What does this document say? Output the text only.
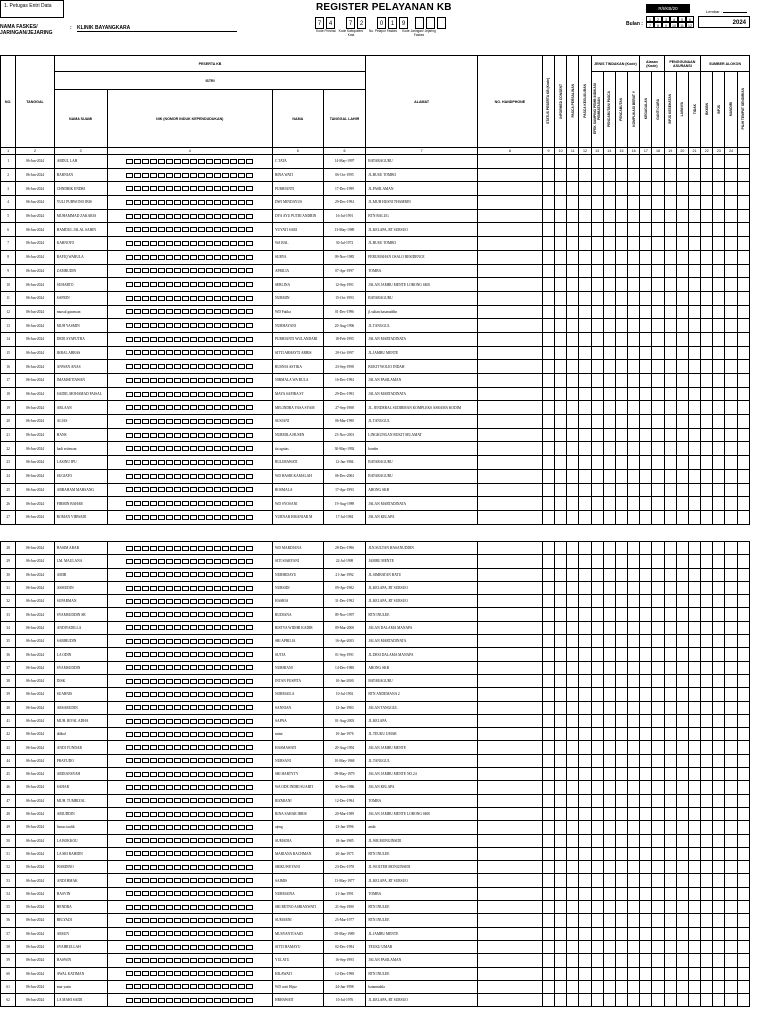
1. Petugas Entri Data	REGISTER PELAYANAN KB	R/I/KB/20
Lembar :
NAMA FASKES/ JARINGAN/JEJARING
: KLINIK BAYANGKARA
7	4	7	2	0	1	9
Kode Provinsi Kode Kabupaten/ Kota
No. Pelapor Faskes	Kode Jaringan/ Jejaring Faskes
Bulan :
1	2	3	4	5	6
7	8	9	10	11	12	2024
NO.	TANGGAL	PESERTA KB				ALAMAT	NO. HANDPHONE	STATUS PESERTA KB (Kode)	INFORMED CONSENT	PASCA PERSALINAN	PASCA KEGUGURAN	JENIS TINDAKAN (Kode)				Alasan (Kode)		PENGGUNAAN ASURANSI			SUMBER ALOKON			
		ISTRI										EFEK SAMPING PEMB INDIKASI PEMBATASAN	PENCABUTAN/ PASCA	PENCABUTAN	KOMPLIKASI BERAT Y	KEGAGALAN	GANTI CARA	BPJS KESEHATAN	LAINNYA	TIDAK	BKKBN	BPJS	MANDIRI	PILIH TEMPAT SENDIRIAN
		NAMA SUAMI	NIK (NOMOR INDUK KEPENDUDUKAN)	NAMA	TANGGAL LAHIR																			
1	2	3	4	5	6	7	8	9	10	11	12	13	14	15	16	17	18	19	20	21	22	23	24	
1	06-Jun-2024	ABDUL LAH		C TATA	14-May-1997	BATARAGURU																		
2	06-Jun-2024	BARNIAN		RINA WATI	06-Oct-1995	JL.BUSU TOMBO																		
3	06-Jun-2024	CHNDRIK ENDRI		PURHIANTI	17-Dec-1999	JL.PASILAMAN																		
4	06-Jun-2024	YULI PURWONO IBIS		DWI MINDAYUS	29-Dec-1994	JL.MUH HUSNI THAMRIN																		
5	06-Jun-2024	MUHAMMAD ZAKARIA		DYA AYU PUTRI ANDRIN	16-Jul-1991	BTN BALUG																		
6	06-Jun-2024	HAMDUL JALAL SAHIN		YUYATI SARI	13-May-1989	JL.KELAPA, RT SURSUO																		
7	06-Jun-2024	KARNOTO		WA BAL	30-Jul-1972	JL.BUSU TOMBO																		
8	06-Jun-2024	RAFIQ WARULA		SURYA	09-Nov-1985	PERUMAHAN OSALO RESIDENCE																		
9	06-Jun-2024	ZAMRUDIN		APRILIA	07-Apr-1997	TOMBA																		
10	06-Jun-2024	SUHARTO		SERLINA	12-Sep-1991	JALAN JAMBU MENTE LORONG SKB																		
11	06-Jun-2024	SAFRIN		NURMIN	15-Oct-1993	BATARAGURU																		
12	06-Jun-2024	mursal gunawan		WD Fatika	01-Dec-1996	jl.sultan hasanuddin																		
13	06-Jun-2024	MUH YASMIN		NURHAYANI	20-Aug-1996	JL.TANGGUL																		
14	06-Jun-2024	DEDI SYAPUTRA		PURHIANTI WULANDARI	18-Feb-1995	JALAN MARTADINATA																		
15	06-Jun-2024	IKBAL ABBAS		SITTI ARHAYTI ABBIS	29-Oct-1997	JL.JAMBU MENTE																		
16	06-Jun-2024	ANWAN ANAS		RUSNIA ASTIKA	23-Sep-1998	BUKIT WOLIO INDAH																		
17	06-Jun-2024	IMAMSETIAWAN		NIRMALA WA RULA	16-Dec-1994	JALAN PASILAMAN																		
18	06-Jun-2024	SAIDIL MOHAMAD FAISAL		MAYA SAFIRA ST	29-Dec-1993	JALAN MARTADINATA																		
19	06-Jun-2024	ARLAAN		MELINDRA YASA SYAM	27-Sep-1988	JL. JENDERAL SUDIRMAN KOMPLEKS ASRAMA KODIM																		
20	06-Jun-2024	ALIAS		SUSIANI	06-Mar-1990	JL.TANGGUL																		
21	06-Jun-2024	HANS		NURMILA HUSEN	23-Nov-2001	LINGKUNGAN BUKIT SELAMAT																		
22	06-Jun-2024	hadi setiawan		tia agnias	30-May-1992	bombe																		
23	06-Jun-2024	LASINU IPU		RULIMAWATI	12-Jan-1984	BATARAGURU																		
24	06-Jun-2024	SUGIATO		WD HASIR KAMALAH	06-Dec-2004	BATARAGURU																		
25	06-Jun-2024	ABBAHAM MARSANG		ROSMALA	17-Apr-1993	ABONG SKB																		
26	06-Jun-2024	FIRMIN BAHAR		WD SYOSANI	19-Aug-1989	JALAN MARTADINATA																		
27	06-Jun-2024	ROMAN VIRWADI		YURNAR HISANIAR M	17-Jul-1984	JALAN KELAPA																		
28	06-Jun-2024	HASIM ABAR		WD MARDIANA	28-Dec-1996	JLN.SULTAN HASANUDDIN																		
29	06-Jun-2024	LM. MAULANA		SITI SIARYANI	22-Jul-1998	JAMBU MENTE																		
30	06-Jun-2024	AMIR		NURHIDAYU	21-Jun-1992	JL.SIMBATAN BATU																		
31	06-Jun-2024	ASMUDIN		NURSIDI	09-Apr-1982	JL.KELAPA, RT SURSUO																		
32	06-Jun-2024	SUPARMAN		HASRIA	31-Dec-1992	JL.KELAPA, RT SURSUO																		
33	06-Jun-2024	SYAMSUDDIN SR		RUDIANA	09-Nov-1997	BTN INULEE																		
34	06-Jun-2024	ANDIYADILLA		RISTYA WIDIHI KADIR	09-Mar-2000	JALAN DALAMA MANAPA																		
35	06-Jun-2024	SABIRUDIN		SRI APRILIA	16-Apr-2003	JALAN MARTADINATA																		
36	06-Jun-2024	LA ODIN		SUTIA	01-Sep-1991	JL.DESI DALAMA MANAPA																		
37	06-Jun-2024	SYAMSUDDIN		NURHIANI	14-Dec-1988	ABONG SKB																		
38	06-Jun-2024	DISK		INTAN PUSPITA	10-Jan-2000	BATARAGURU																		
39	06-Jun-2024	SUARNIS		NORMAILA	10-Jul-1992	BTN ANDEMANA 2																		
40	06-Jun-2024	ARSARUDIN		SANNIAN	12-Jan-1983	JALAN TANGGUL																		
41	06-Jun-2024	MUH. RIVAL ADHA		SAPNA	01-Aug-2003	JL.KELAPA																		
42	06-Jun-2024	ikbhal		mimi	10-Jan-1976	JL.TEUKU UMAR																		
43	06-Jun-2024	ANDI YUNDAR		HASMAWATI	20-Aug-1994	JALAN JAMBU MENTE																		
44	06-Jun-2024	PRAYUDO		NURSANI	10-May-1968	JL.TANGGUL																		
45	06-Jun-2024	ARDIANSYAH		SRI HARTYTY	09-May-1979	JALAN JAMBU MENTE NO.24																		
46	06-Jun-2024	SAHAR		WA ODE INDRI SUARTI	30-Nov-1986	JALAN KELAPA																		
47	06-Jun-2024	MUH. TUMRIZAL		RIZMIANI	12-Dec-1994	TOMBA																		
48	06-Jun-2024	ARIUDDIN		RINA SAHAR IRRIS	20-Mar-1989	JALAN JAMBU MENTE LORONG SKB																		
49	06-Jun-2024	lisnao taufik		ajeng	23-Jan-1996	ambi																		
50	06-Jun-2024	LA BOKKOU		SUMADIA	18-Jan-1985	JL.WR.MONGINSIDI																		
51	06-Jun-2024	LA SRI RAHIDN		MARIANA RACHMAN	20-Jan-1975	BTN INULEE																		
52	06-Jun-2024	WARDINO		SRIKUWEYANI	23-Dec-1978	JL.WOLTER MONGINSIDI																		
53	06-Jun-2024	ANDI HMAK		SAIMIS	13-May-1977	JL.KELAPA, RT SURSUO																		
54	06-Jun-2024	HASVIN		NURMAINA	21-Jan-1991	TOMBA																		
55	06-Jun-2024	HENDRA		SRI RETNO ASRIANWATI	21-Sep-1980	BTN INULEE																		
56	06-Jun-2024	BELYADI		SUMARNI	23-Mar-1977	BTN INULEE																		
57	06-Jun-2024	ARSUN		MUSYANTI SAID	05-May-1989	JL.JAMBU MENTE																		
58	06-Jun-2024	SYAHRULLAH		SITTI HAMAYU	02-Dec-1994	TEUKU UMAR																		
59	06-Jun-2024	HASWIN		YULATU	16-Sep-1993	JALAN PASILAMAN																		
60	06-Jun-2024	AWAL KATIMAN		HILAWATI	12-Dec-1998	BTN INULEE																		
61	06-Jun-2024	mur yasin		WD wati Hijue	24-Jun-1998	batanmahla																		
62	06-Jun-2024	LA MAHI SAIDI		HRHAWATI	10-Jul-1976	JL.KELAPA, RT SURSUO																		
